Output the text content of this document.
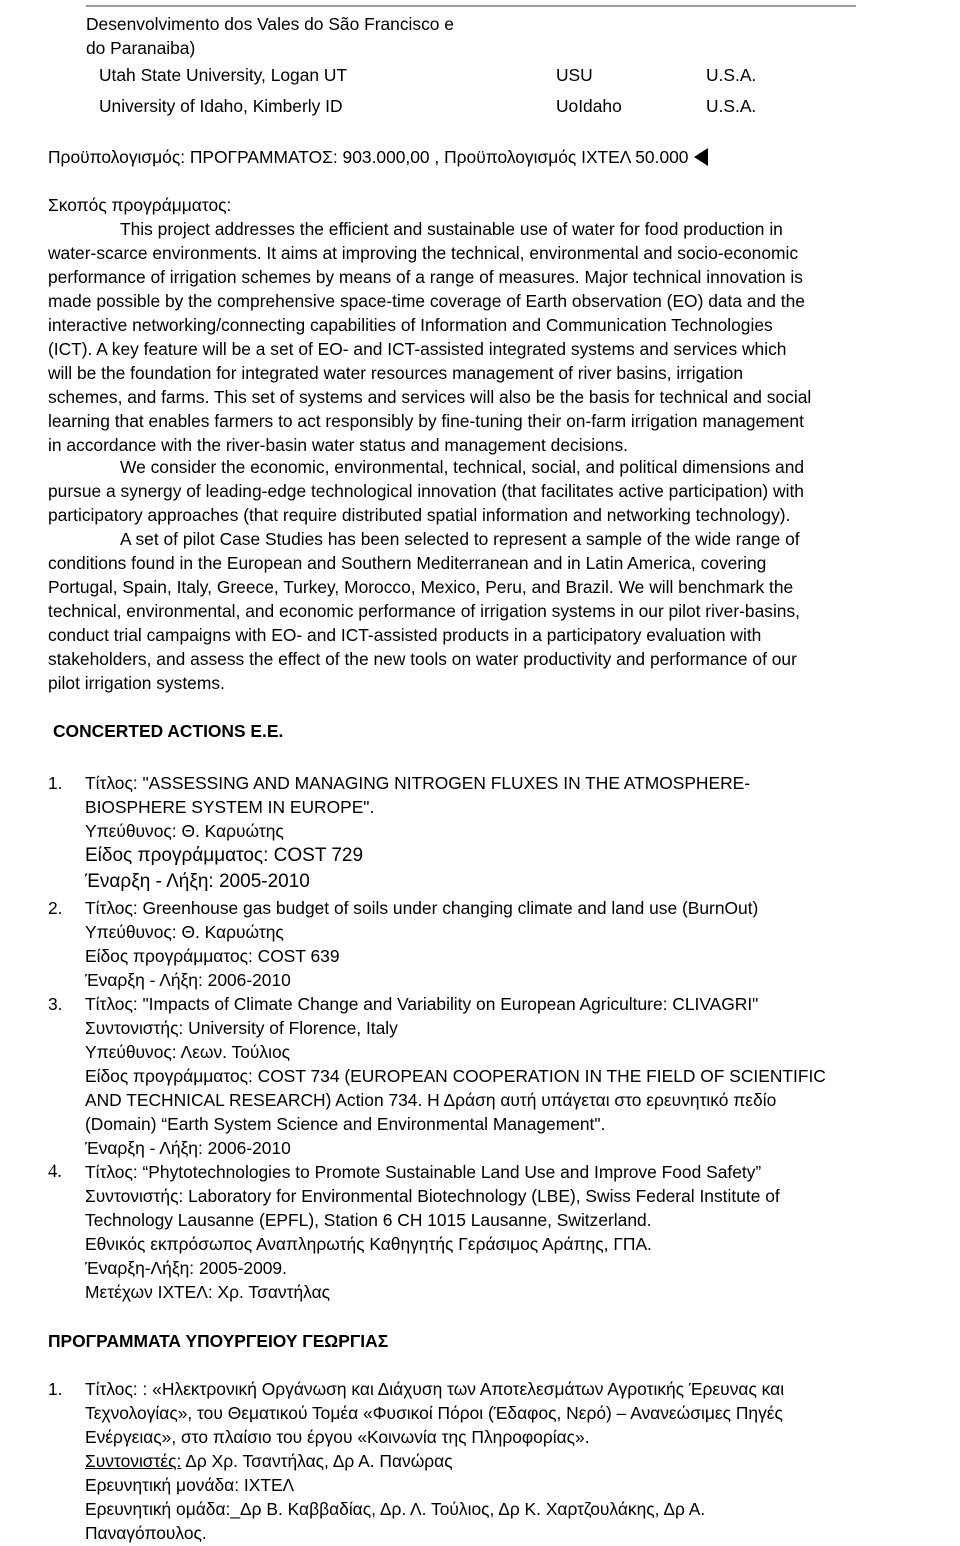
Desenvolvimento dos Vales do São Francisco e
do Paranaiba)
Utah State University, Logan UT	USU	U.S.A.
University of Idaho, Kimberly ID	UoIdaho	U.S.A.
Προϋπολογισμός: ΠΡΟΓΡΑΜΜΑΤΟΣ: 903.000,00 , Προϋπολογισμός ΙΧΤΕΛ 50.000
Σκοπός προγράμματος:
This project addresses the efficient and sustainable use of water for food production in
water-scarce environments. It aims at improving the technical, environmental and socio-economic
performance of irrigation schemes by means of a range of measures. Major technical innovation is
made possible by the comprehensive space-time coverage of Earth observation (EO) data and the
interactive networking/connecting capabilities of Information and Communication Technologies
(ICT). A key feature will be a set of EO- and ICT-assisted integrated systems and services which
will be the foundation for integrated water resources management of river basins, irrigation
schemes, and farms. This set of systems and services will also be the basis for technical and social
learning that enables farmers to act responsibly by fine-tuning their on-farm irrigation management
in accordance with the river-basin water status and management decisions.
We consider the economic, environmental, technical, social, and political dimensions and
pursue a synergy of leading-edge technological innovation (that facilitates active participation) with
participatory approaches (that require distributed spatial information and networking technology).
A set of pilot Case Studies has been selected to represent a sample of the wide range of
conditions found in the European and Southern Mediterranean and in Latin America, covering
Portugal, Spain, Italy, Greece, Turkey, Morocco, Mexico, Peru, and Brazil. We will benchmark the
technical, environmental, and economic performance of irrigation systems in our pilot river-basins,
conduct trial campaigns with EO- and ICT-assisted products in a participatory evaluation with
stakeholders, and assess the effect of the new tools on water productivity and performance of our
pilot irrigation systems.
CONCERTED ACTIONS E.E.
1. Τίτλος: "ASSESSING AND MANAGING NITROGEN FLUXES IN THE ATMOSPHERE-
BIOSPHERE SYSTEM IN EUROPE".
Υπεύθυνος: Θ. Καρυώτης
Είδος προγράμματος: COST 729
Έναρξη - Λήξη: 2005-2010
2. Τίτλος: Greenhouse gas budget of soils under changing climate and land use (BurnOut)
Υπεύθυνος: Θ. Καρυώτης
Είδος προγράμματος: COST 639
Έναρξη - Λήξη: 2006-2010
3. Τίτλος: "Impacts of Climate Change and Variability on European Agriculture: CLIVAGRI"
Συντονιστής: University of Florence, Italy
Υπεύθυνος: Λεων. Τούλιος
Είδος προγράμματος: COST 734 (EUROPEAN COOPERATION IN THE FIELD OF SCIENTIFIC
AND TECHNICAL RESEARCH) Action 734. Η Δράση αυτή υπάγεται στο ερευνητικό πεδίο
(Domain) “Earth System Science and Environmental Management".
Έναρξη - Λήξη: 2006-2010
4. Τίτλος: “Phytotechnologies to Promote Sustainable Land Use and Improve Food Safety”
Συντονιστής: Laboratory for Environmental Biotechnology (LBE), Swiss Federal Institute of
Technology Lausanne (EPFL), Station 6 CH 1015 Lausanne, Switzerland.
Εθνικός εκπρόσωπος Αναπληρωτής Καθηγητής Γεράσιμος Αράπης, ΓΠΑ.
Έναρξη-Λήξη: 2005-2009.
Μετέχων ΙΧΤΕΛ: Χρ. Τσαντήλας
ΠΡΟΓΡΑΜΜΑΤΑ ΥΠΟΥΡΓΕΙΟΥ ΓΕΩΡΓΙΑΣ
1. Τίτλος: : «Ηλεκτρονική Οργάνωση και Διάχυση των Αποτελεσμάτων Αγροτικής Έρευνας και
Τεχνολογίας», του Θεματικού Τομέα «Φυσικοί Πόροι (Έδαφος, Νερό) – Ανανεώσιμες Πηγές
Ενέργειας», στο πλαίσιο του έργου «Κοινωνία της Πληροφορίας».
Συντονιστές: Δρ Χρ. Τσαντήλας, Δρ Α. Πανώρας
Ερευνητική μονάδα: ΙΧΤΕΛ
Ερευνητική ομάδα:_Δρ Β. Καββαδίας, Δρ. Λ. Τούλιος, Δρ Κ. Χαρτζουλάκης, Δρ Α.
Παναγόπουλος.
